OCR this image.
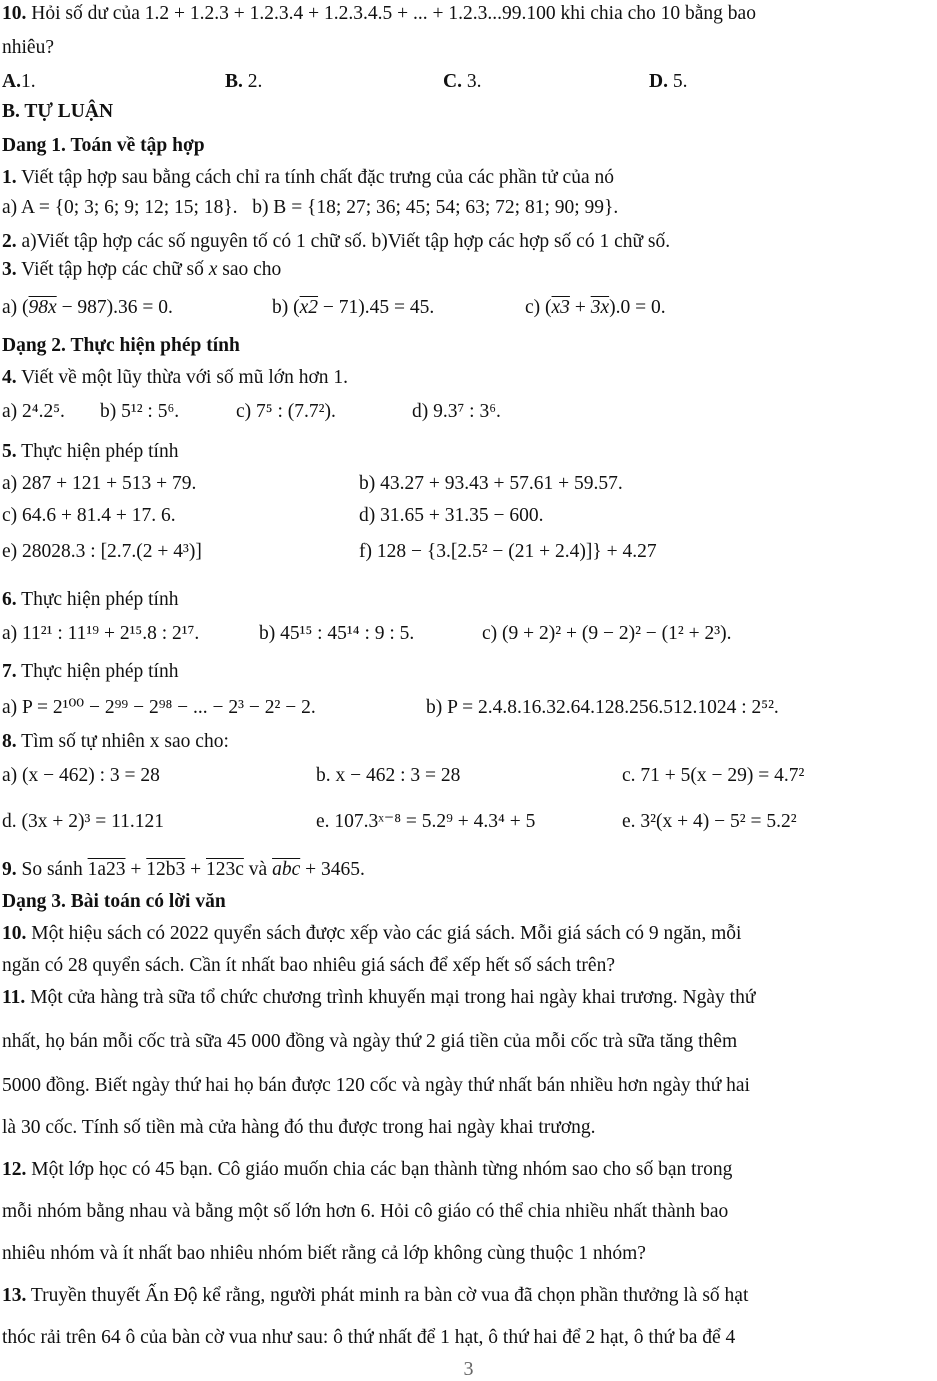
10. Hỏi số dư của 1.2 + 1.2.3 + 1.2.3.4 + 1.2.3.4.5 + ... + 1.2.3...99.100 khi chia cho 10 bằng bao
nhiêu?
A.1.	B. 2.	C. 3.	D. 5.
B. TỰ LUẬN
Dang 1. Toán về tập hợp
1. Viết tập hợp sau bằng cách chỉ ra tính chất đặc trưng của các phần tử của nó
a) A = {0; 3; 6; 9; 12; 15; 18}. b) B = {18; 27; 36; 45; 54; 63; 72; 81; 90; 99}.
2. a)Viết tập hợp các số nguyên tố có 1 chữ số. b)Viết tập hợp các hợp số có 1 chữ số.
3. Viết tập hợp các chữ số x sao cho
a) (98x − 987).36 = 0.	b) (x2 − 71).45 = 45.	c) (x3 + 3x).0 = 0.
Dạng 2. Thực hiện phép tính
4. Viết về một lũy thừa với số mũ lớn hơn 1.
a) 2⁴.2⁵. b) 5¹² : 5⁶.	c) 7⁵ : (7.7²).	d) 9.3⁷ : 3⁶.
5. Thực hiện phép tính
a) 287 + 121 + 513 + 79.	b) 43.27 + 93.43 + 57.61 + 59.57.
c) 64.6 + 81.4 + 17. 6.	d) 31.65 + 31.35 − 600.
e) 28028.3 : [2.7.(2 + 4³)]	f) 128 − {3.[2.5² − (21 + 2.4)]} + 4.27
6. Thực hiện phép tính
a) 11²¹ : 11¹⁹ + 2¹⁵.8 : 2¹⁷.	b) 45¹⁵ : 45¹⁴ : 9 : 5.	c) (9 + 2)² + (9 − 2)² − (1² + 2³).
7. Thực hiện phép tính
a) P = 2¹⁰⁰ − 2⁹⁹ − 2⁹⁸ − ... − 2³ − 2² − 2.	b) P = 2.4.8.16.32.64.128.256.512.1024 : 2⁵².
8. Tìm số tự nhiên x sao cho:
a) (x − 462) : 3 = 28	b. x − 462 : 3 = 28	c. 71 + 5(x − 29) = 4.7²
d. (3x + 2)³ = 11.121	e. 107.3ˣ⁻⁸ = 5.2⁹ + 4.3⁴ + 5	e. 3²(x + 4) − 5² = 5.2²
9. So sánh 1a23 + 12b3 + 123c và $\overline{abc} + 3465$.
Dạng 3. Bài toán có lời văn
10. Một hiệu sách có 2022 quyển sách được xếp vào các giá sách. Mỗi giá sách có 9 ngăn, mỗi
ngăn có 28 quyển sách. Cần ít nhất bao nhiêu giá sách để xếp hết số sách trên?
11. Một cửa hàng trà sữa tổ chức chương trình khuyến mại trong hai ngày khai trương. Ngày thứ
nhất, họ bán mỗi cốc trà sữa 45 000 đồng và ngày thứ 2 giá tiền của mỗi cốc trà sữa tăng thêm
5000 đồng. Biết ngày thứ hai họ bán được 120 cốc và ngày thứ nhất bán nhiều hơn ngày thứ hai
là 30 cốc. Tính số tiền mà cửa hàng đó thu được trong hai ngày khai trương.
12. Một lớp học có 45 bạn. Cô giáo muốn chia các bạn thành từng nhóm sao cho số bạn trong
mỗi nhóm bằng nhau và bằng một số lớn hơn 6. Hỏi cô giáo có thể chia nhiều nhất thành bao
nhiêu nhóm và ít nhất bao nhiêu nhóm biết rằng cả lớp không cùng thuộc 1 nhóm?
13. Truyền thuyết Ấn Độ kể rằng, người phát minh ra bàn cờ vua đã chọn phần thưởng là số hạt
thóc rải trên 64 ô của bàn cờ vua như sau: ô thứ nhất để 1 hạt, ô thứ hai để 2 hạt, ô thứ ba để 4
3
